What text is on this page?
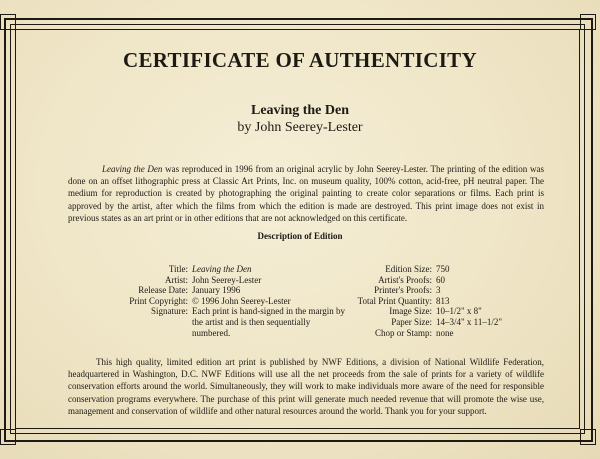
CERTIFICATE OF AUTHENTICITY
Leaving the Den
by John Seerey-Lester
Leaving the Den was reproduced in 1996 from an original acrylic by John Seerey-Lester. The printing of the edition was done on an offset lithographic press at Classic Art Prints, Inc. on museum quality, 100% cotton, acid-free, pH neutral paper. The medium for reproduction is created by photographing the original painting to create color separations or films. Each print is approved by the artist, after which the films from which the edition is made are destroyed. This print image does not exist in previous states as an art print or in other editions that are not acknowledged on this certificate.
Description of Edition
Title: Leaving the Den
Artist: John Seerey-Lester
Release Date: January 1996
Print Copyright: © 1996 John Seerey-Lester
Signature: Each print is hand-signed in the margin by the artist and is then sequentially numbered.
Edition Size: 750
Artist's Proofs: 60
Printer's Proofs: 3
Total Print Quantity: 813
Image Size: 10–1/2" x 8"
Paper Size: 14–3/4" x 11–1/2"
Chop or Stamp: none
This high quality, limited edition art print is published by NWF Editions, a division of National Wildlife Federation, headquartered in Washington, D.C. NWF Editions will use all the net proceeds from the sale of prints for a variety of wildlife conservation efforts around the world. Simultaneously, they will work to make individuals more aware of the need for responsible conservation programs everywhere. The purchase of this print will generate much needed revenue that will promote the wise use, management and conservation of wildlife and other natural resources around the world. Thank you for your support.
